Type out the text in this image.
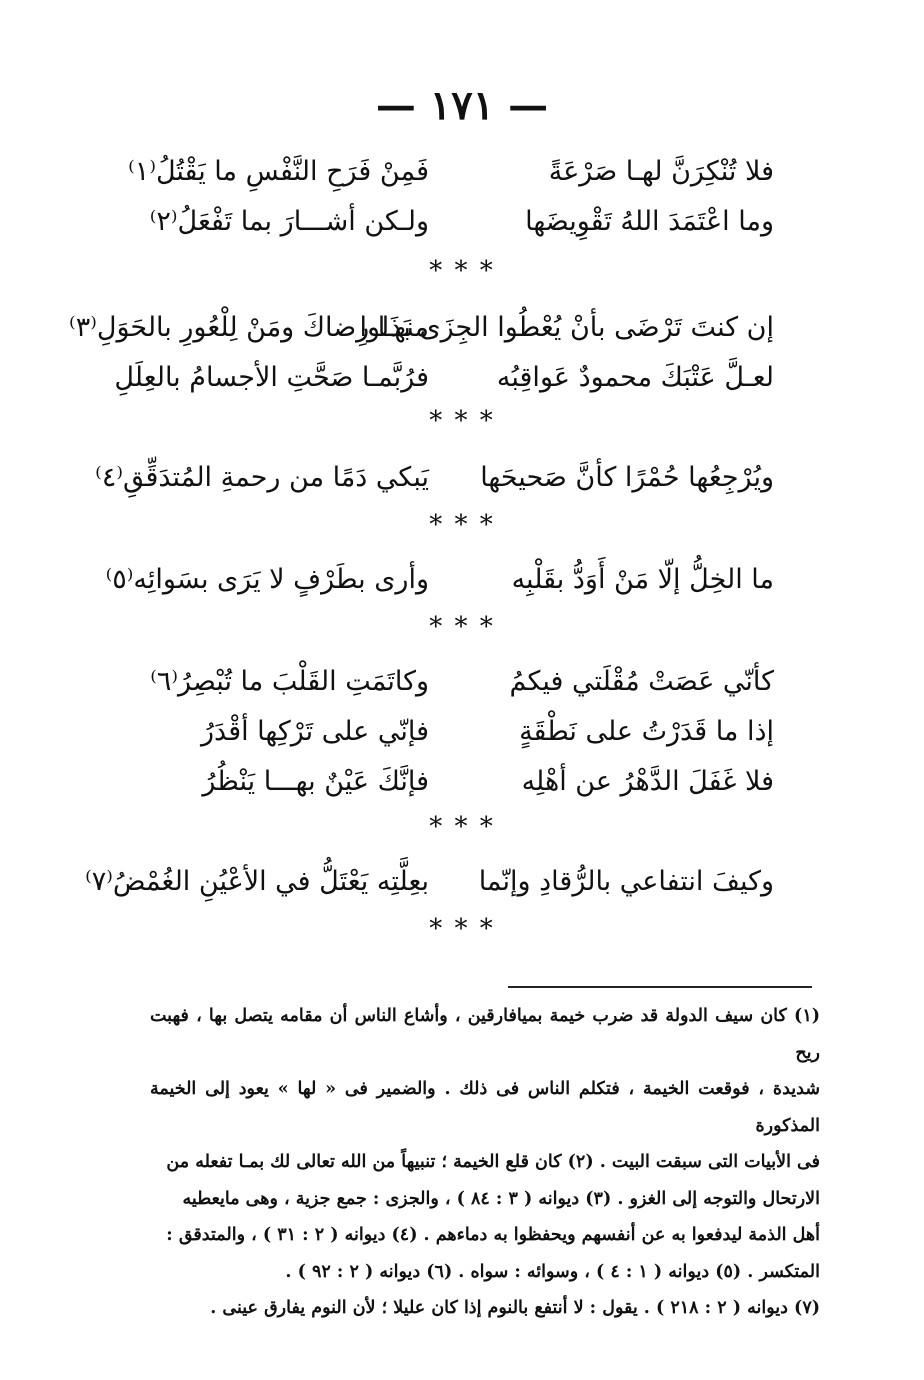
— ١٧١ —
فلا تُنْكِرَنَّ لهـا صَرْعَةً
فَمِنْ فَرَحِ النَّفْسِ ما يَقْتُلُ⁽١⁾
وما اعْتَمَدَ اللهُ تَقْوِيضَها
ولـكن أشـــارَ بما تَفْعَلُ⁽٢⁾
* * *
إن كنتَ تَرْضَى بأنْ يُعْطُوا الجِزَى بَذَلوا
منهـا رِضاكَ ومَنْ لِلْعُورِ بالحَوَلِ⁽٣⁾
لعـلَّ عَتْبَكَ محمودٌ عَواقِبُه
فرُبَّمـا صَحَّتِ الأجسامُ بالعِلَلِ
* * *
ويُرْجِعُها حُمْرًا كأنَّ صَحيحَها
يَبكي دَمًا من رحمةِ المُتدَقِّقِ⁽٤⁾
* * *
ما الخِلُّ إلّا مَنْ أَوَدُّ بقَلْبِه
وأرى بطَرْفٍ لا يَرَى بسَوائِه⁽٥⁾
* * *
كأنّي عَصَتْ مُقْلَتي فيكمُ
وكاتَمَتِ القَلْبَ ما تُبْصِرُ⁽٦⁾
إذا ما قَدَرْتُ على نَطْقَةٍ
فإنّي على تَرْكِها أقْدَرُ
فلا غَفَلَ الدَّهْرُ عن أهْلِه
فإنَّكَ عَيْنٌ بهـــا يَنْظُرُ
* * *
وكيفَ انتفاعي بالرُّقادِ وإنّما
بعِلَّتِه يَعْتَلُّ في الأعْيُنِ الغُمْضُ⁽٧⁾
* * *
(١) كان سيف الدولة قد ضرب خيمة بميافارقين ، وأشاع الناس أن مقامه يتصل بها ، فهبت ريح
شديدة ، فوقعت الخيمة ، فتكلم الناس فى ذلك . والضمير فى « لها » يعود إلى الخيمة المذكورة
فى الأبيات التى سبقت البيت . (٢) كان قلع الخيمة ؛ تنبيهاً من الله تعالى لك بمـا تفعله من
الارتحال والتوجه إلى الغزو . (٣) ديوانه ( ٣ : ٨٤ ) ، والجزى : جمع جزية ، وهى مايعطيه
أهل الذمة ليدفعوا به عن أنفسهم ويحفظوا به دماءهم . (٤) ديوانه ( ٢ : ٣١ ) ، والمتدقق :
المتكسر . (٥) ديوانه ( ١ : ٤ ) ، وسوائه : سواه . (٦) ديوانه ( ٢ : ٩٢ ) .
(٧) ديوانه ( ٢ : ٢١٨ ) . يقول : لا أنتفع بالنوم إذا كان عليلا ؛ لأن النوم يفارق عينى .
